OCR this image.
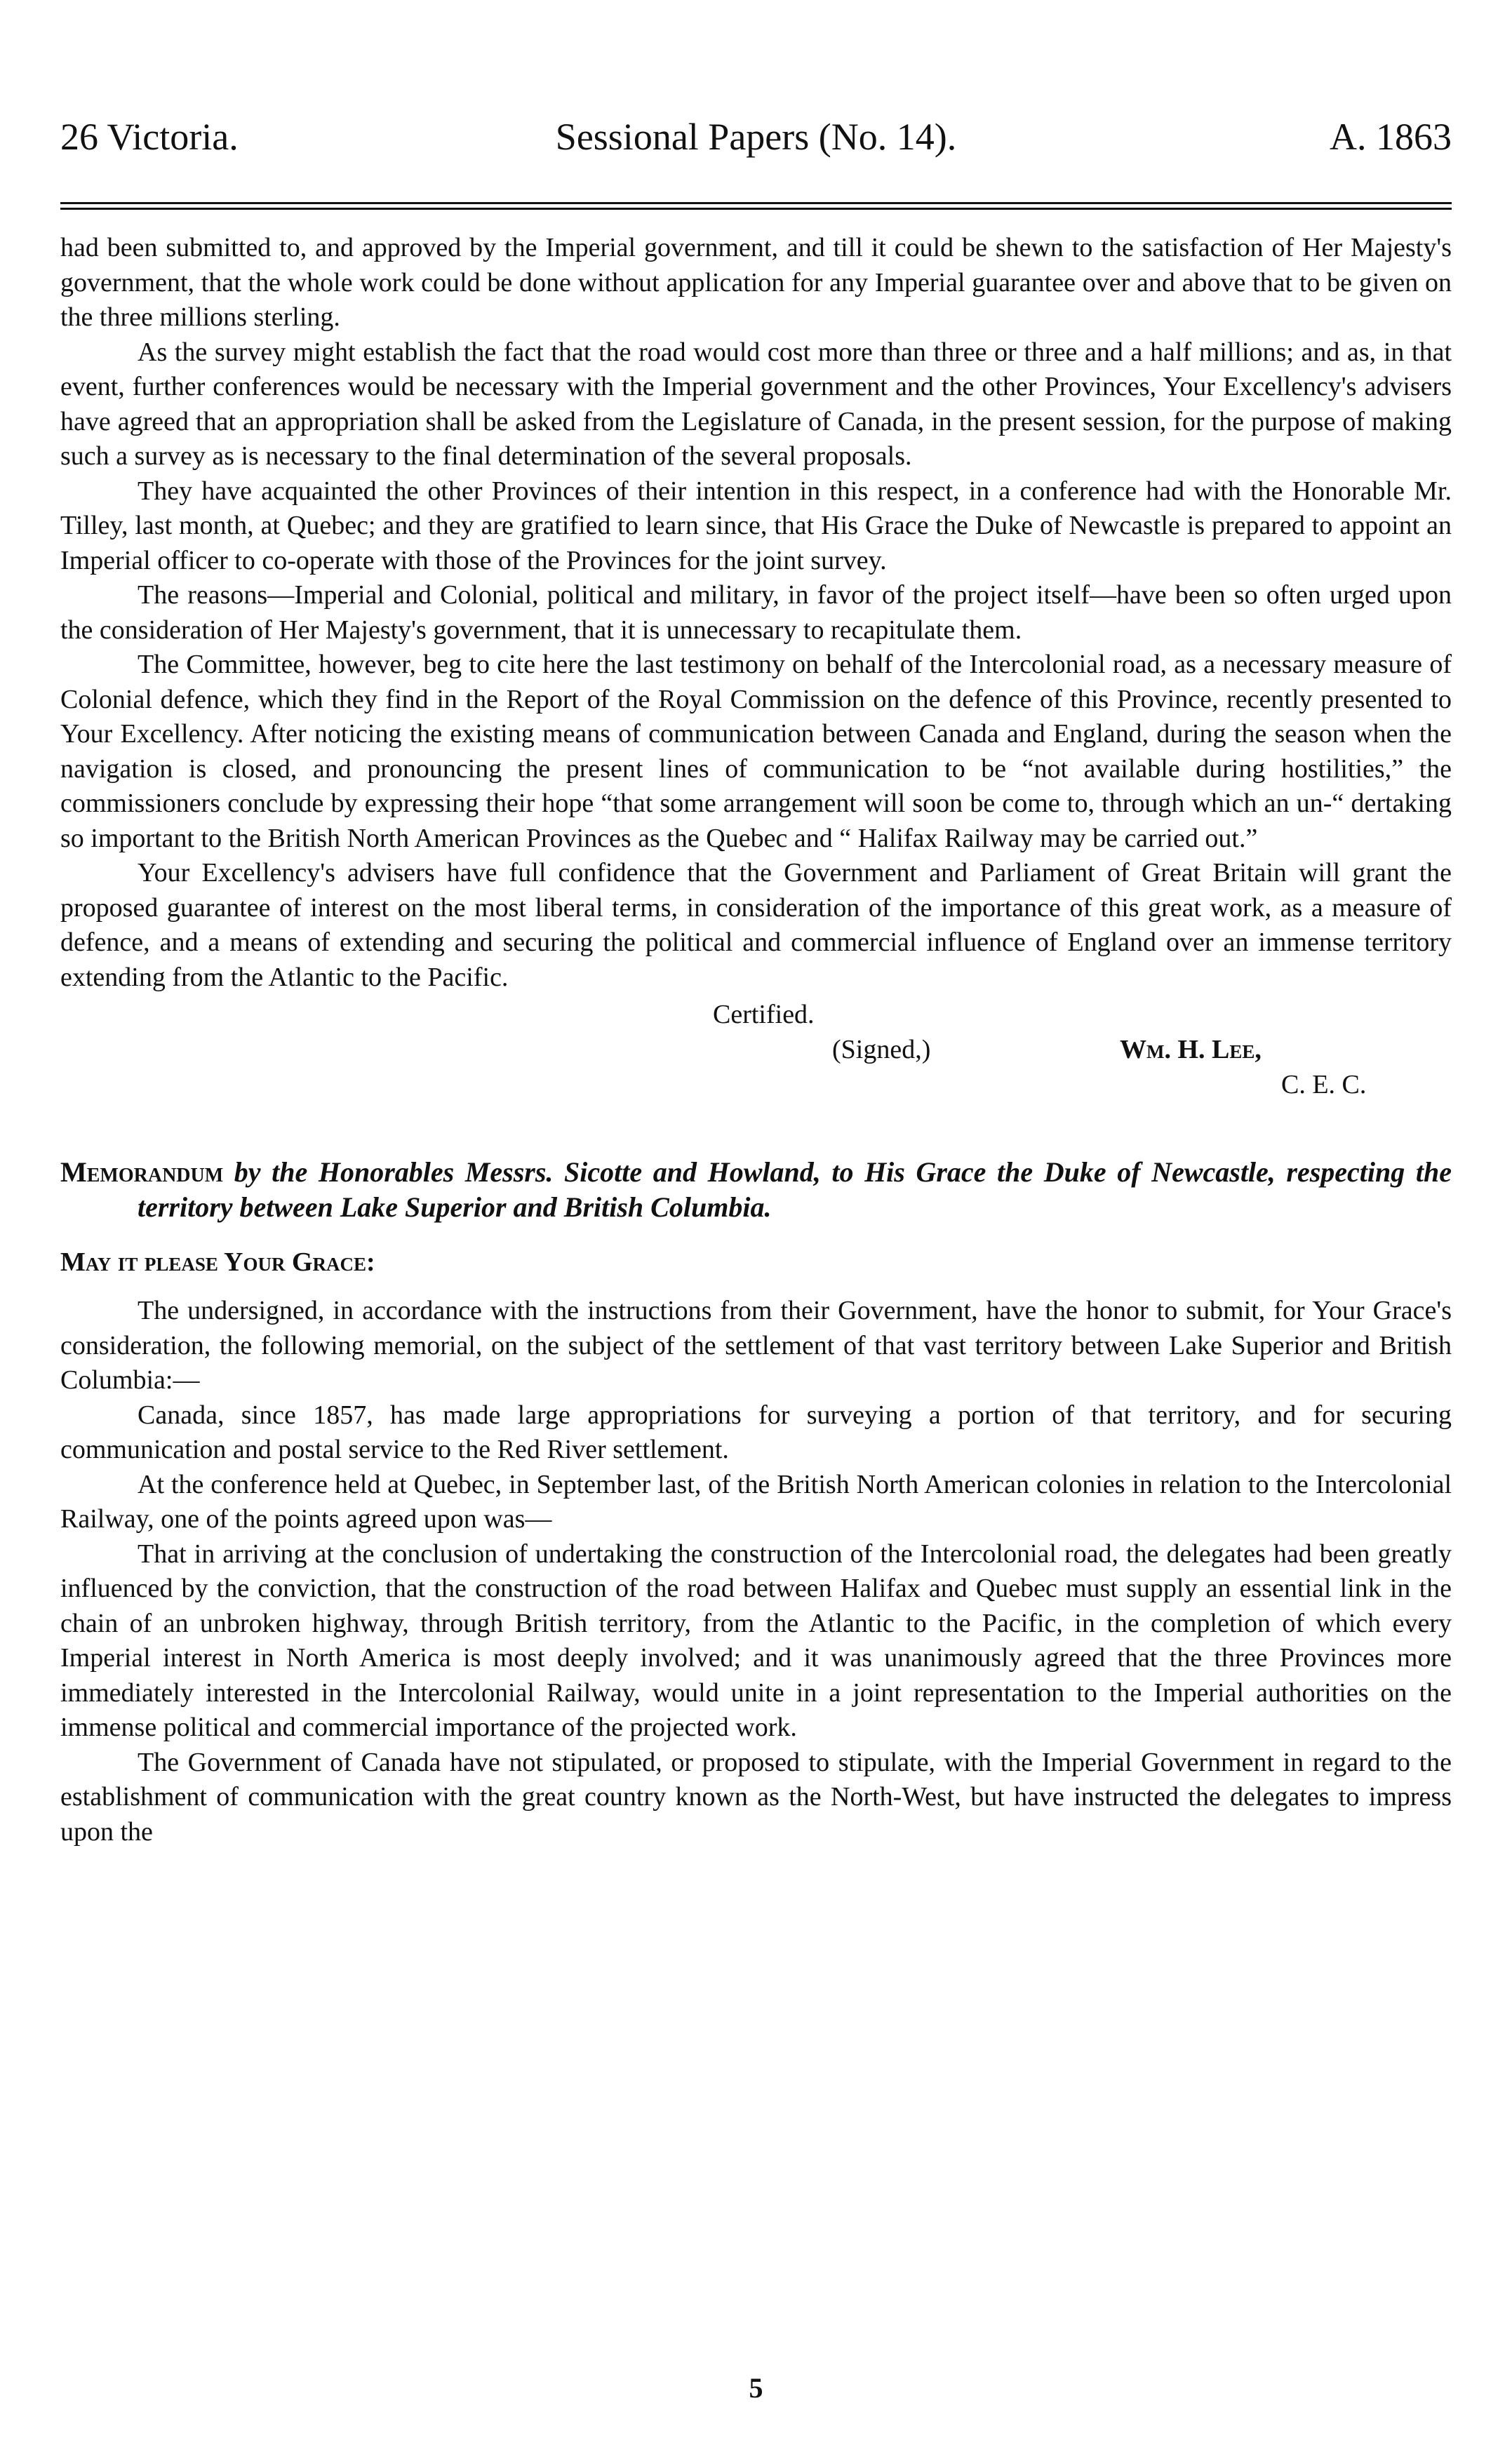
26 Victoria.	Sessional Papers (No. 14).	A. 1863

had been submitted to, and approved by the Imperial government, and till it could be shewn to the satisfaction of Her Majesty's government, that the whole work could be done without application for any Imperial guarantee over and above that to be given on the three millions sterling.

As the survey might establish the fact that the road would cost more than three or three and a half millions; and as, in that event, further conferences would be necessary with the Imperial government and the other Provinces, Your Excellency's advisers have agreed that an appropriation shall be asked from the Legislature of Canada, in the present session, for the purpose of making such a survey as is necessary to the final determination of the several proposals.

They have acquainted the other Provinces of their intention in this respect, in a conference had with the Honorable Mr. Tilley, last month, at Quebec; and they are gratified to learn since, that His Grace the Duke of Newcastle is prepared to appoint an Imperial officer to co-operate with those of the Provinces for the joint survey.

The reasons—Imperial and Colonial, political and military, in favor of the project itself—have been so often urged upon the consideration of Her Majesty's government, that it is unnecessary to recapitulate them.

The Committee, however, beg to cite here the last testimony on behalf of the Intercolonial road, as a necessary measure of Colonial defence, which they find in the Report of the Royal Commission on the defence of this Province, recently presented to Your Excellency. After noticing the existing means of communication between Canada and England, during the season when the navigation is closed, and pronouncing the present lines of communication to be “not available during hostilities,” the commissioners conclude by expressing their hope “that some arrangement will soon be come to, through which an un-“ dertaking so important to the British North American Provinces as the Quebec and “ Halifax Railway may be carried out.”

Your Excellency's advisers have full confidence that the Government and Parliament of Great Britain will grant the proposed guarantee of interest on the most liberal terms, in consideration of the importance of this great work, as a measure of defence, and a means of extending and securing the political and commercial influence of England over an immense territory extending from the Atlantic to the Pacific.

Certified.
(Signed,)	Wm. H. Lee,
C. E. C.
Memorandum by the Honorables Messrs. Sicotte and Howland, to His Grace the Duke of Newcastle, respecting the territory between Lake Superior and British Columbia.
May it please Your Grace:

The undersigned, in accordance with the instructions from their Government, have the honor to submit, for Your Grace's consideration, the following memorial, on the subject of the settlement of that vast territory between Lake Superior and British Columbia:—

Canada, since 1857, has made large appropriations for surveying a portion of that territory, and for securing communication and postal service to the Red River settlement.

At the conference held at Quebec, in September last, of the British North American colonies in relation to the Intercolonial Railway, one of the points agreed upon was—

That in arriving at the conclusion of undertaking the construction of the Intercolonial road, the delegates had been greatly influenced by the conviction, that the construction of the road between Halifax and Quebec must supply an essential link in the chain of an unbroken highway, through British territory, from the Atlantic to the Pacific, in the completion of which every Imperial interest in North America is most deeply involved; and it was unanimously agreed that the three Provinces more immediately interested in the Intercolonial Railway, would unite in a joint representation to the Imperial authorities on the immense political and commercial importance of the projected work.

The Government of Canada have not stipulated, or proposed to stipulate, with the Imperial Government in regard to the establishment of communication with the great country known as the North-West, but have instructed the delegates to impress upon the

5
